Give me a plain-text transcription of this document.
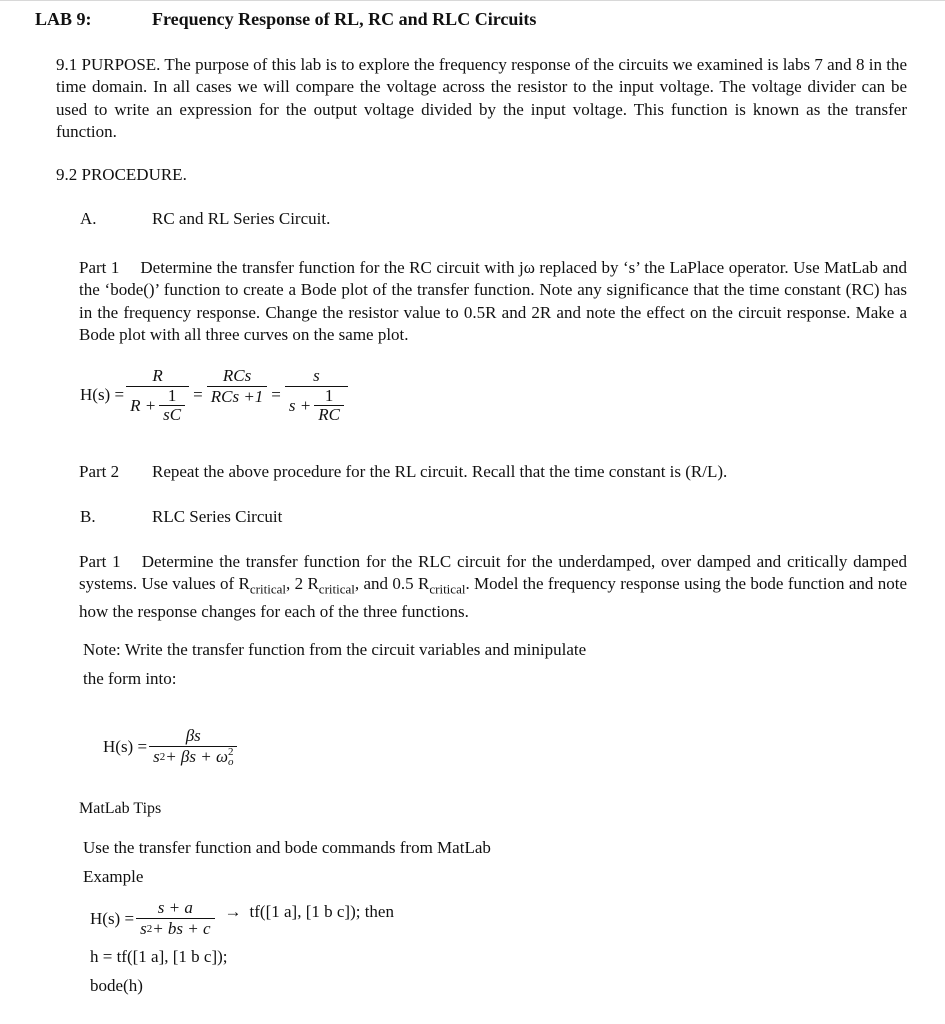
LAB 9:	Frequency Response of RL, RC and RLC Circuits
9.1 PURPOSE. The purpose of this lab is to explore the frequency response of the circuits we examined is labs 7 and 8 in the time domain. In all cases we will compare the voltage across the resistor to the input voltage. The voltage divider can be used to write an expression for the output voltage divided by the input voltage. This function is known as the transfer function.
9.2 PROCEDURE.
A.	RC and RL Series Circuit.
Part 1 Determine the transfer function for the RC circuit with jω replaced by ‘s’ the LaPlace operator. Use MatLab and the ‘bode()’ function to create a Bode plot of the transfer function. Note any significance that the time constant (RC) has in the frequency response. Change the resistor value to 0.5R and 2R and note the effect on the circuit response. Make a Bode plot with all three curves on the same plot.
$H(s) = \frac{R}{R + \frac{1}{sC}} = \frac{\text{RCs}}{\text{RCs +1}} = \frac{s}{s + \frac{1}{RC}}$
Part 2 Repeat the above procedure for the RL circuit. Recall that the time constant is (R/L).
B.	RLC Series Circuit
Part 1 Determine the transfer function for the RLC circuit for the underdamped, over damped and critically damped systems. Use values of $R_{critical}$, 2 $R_{critical}$, and 0.5 $R_{critical}$. Model the frequency response using the bode function and note how the response changes for each of the three functions.
Note: Write the transfer function from the circuit variables and minipulate
the form into:
H(s) = βs
s 2 + βs + ω 2
o
MatLab Tips
Use the transfer function and bode commands from MatLab
Example
$H(s) = \frac{s + a}{s 2 + bs + c} \to tf([1$ a], [1 b c]); then
h = tf([1 a], [1 b c]);
bode(h)
